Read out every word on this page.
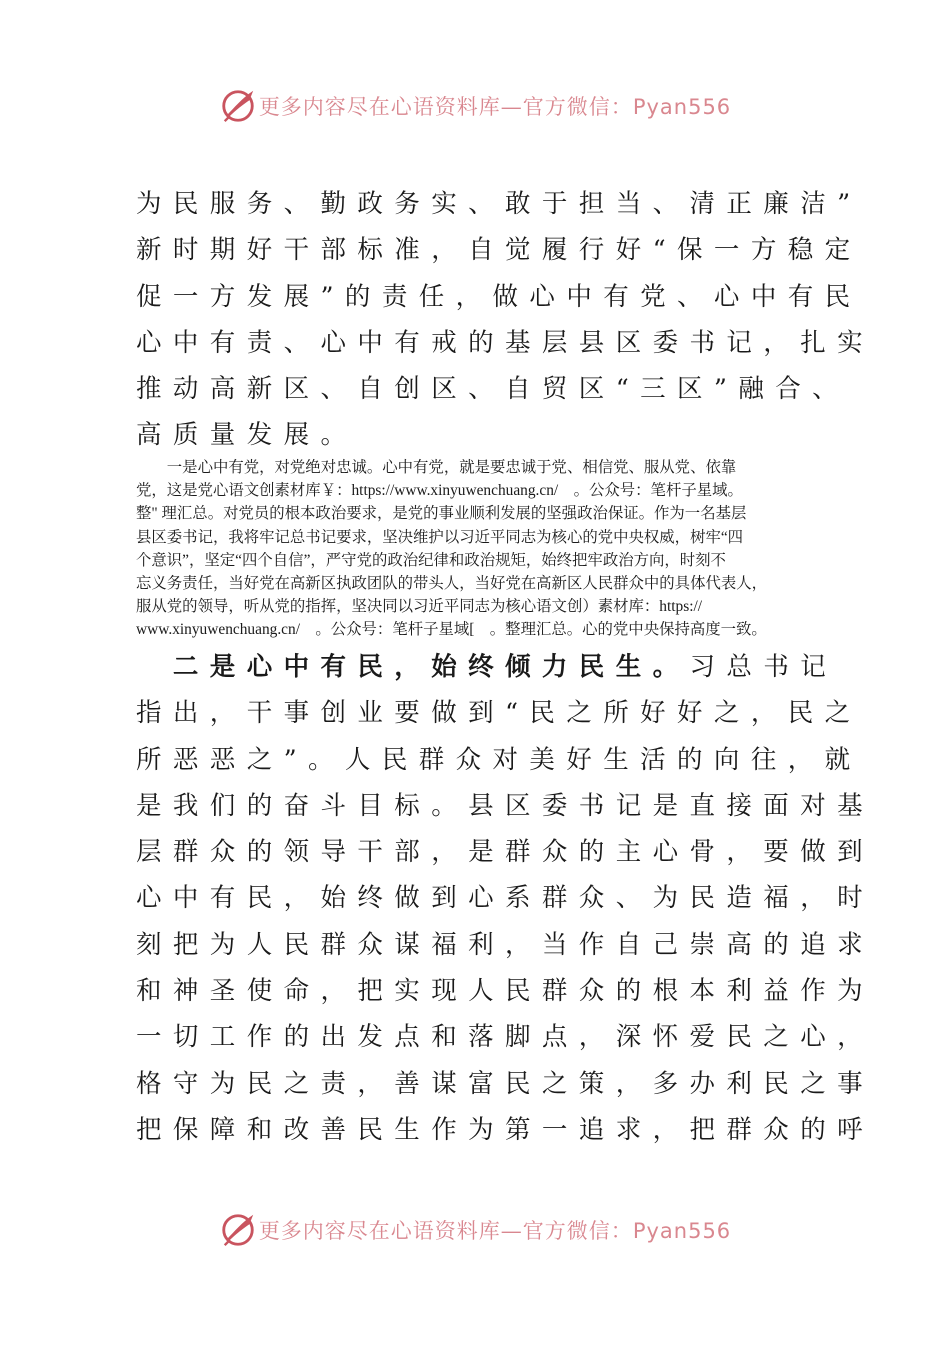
更多内容尽在心语资料库—官方微信：Pyan556
为民服务、勤政务实、敢于担当、清正廉洁”
新时期好干部标准，自觉履行好“保一方稳定
促一方发展”的责任，做心中有党、心中有民
心中有责、心中有戒的基层县区委书记，扎实
推动高新区、自创区、自贸区“三区”融合、
高质量发展。
　　一是心中有党，对党绝对忠诚。心中有党，就是要忠诚于党、相信党、服从党、依靠
党，这是党心语文创素材库￥：https://www.xinyuwenchuang.cn/　。公众号：笔杆子星域。
整" 理汇总。对党员的根本政治要求，是党的事业顺利发展的坚强政治保证。作为一名基层
县区委书记，我将牢记总书记要求，坚决维护以习近平同志为核心的党中央权威，树牢“四
个意识”，坚定“四个自信”，严守党的政治纪律和政治规矩，始终把牢政治方向，时刻不
忘义务责任，当好党在高新区执政团队的带头人，当好党在高新区人民群众中的具体代表人，
服从党的领导，听从党的指挥，坚决同以习近平同志为核心语文创）素材库：https://
www.xinyuwenchuang.cn/　。公众号：笔杆子星域[　。整理汇总。心的党中央保持高度一致。
　二是心中有民，始终倾力民生。习总书记
指出，干事创业要做到“民之所好好之，民之
所恶恶之”。人民群众对美好生活的向往，就
是我们的奋斗目标。县区委书记是直接面对基
层群众的领导干部，是群众的主心骨，要做到
心中有民，始终做到心系群众、为民造福，时
刻把为人民群众谋福利，当作自己崇高的追求
和神圣使命，把实现人民群众的根本利益作为
一切工作的出发点和落脚点，深怀爱民之心，
格守为民之责，善谋富民之策，多办利民之事
把保障和改善民生作为第一追求，把群众的呼
更多内容尽在心语资料库—官方微信：Pyan556
